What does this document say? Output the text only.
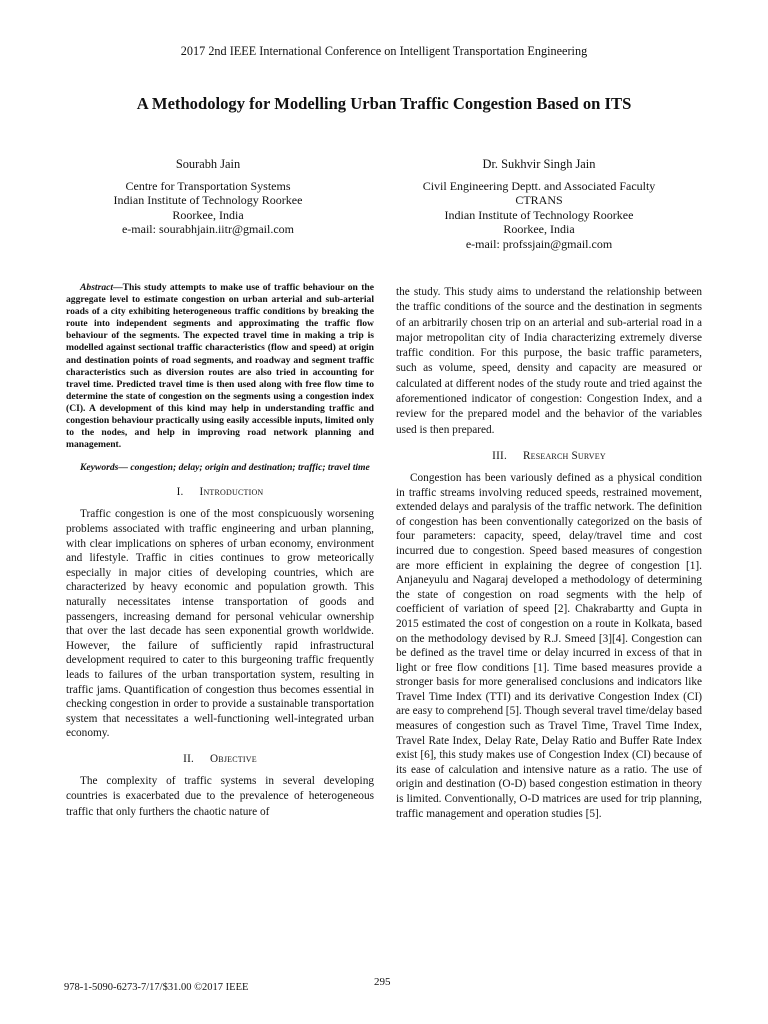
2017 2nd IEEE International Conference on Intelligent Transportation Engineering
A Methodology for Modelling Urban Traffic Congestion Based on ITS
Sourabh Jain
Centre for Transportation Systems
Indian Institute of Technology Roorkee
Roorkee, India
e-mail: sourabhjain.iitr@gmail.com
Dr. Sukhvir Singh Jain
Civil Engineering Deptt. and Associated Faculty
CTRANS
Indian Institute of Technology Roorkee
Roorkee, India
e-mail: profssjain@gmail.com

Abstract—This study attempts to make use of traffic behaviour on the aggregate level to estimate congestion on urban arterial and sub-arterial roads of a city exhibiting heterogeneous traffic conditions by breaking the route into independent segments and approximating the traffic flow behaviour of the segments. The expected travel time in making a trip is modelled against sectional traffic characteristics (flow and speed) at origin and destination points of road segments, and roadway and segment traffic characteristics such as diversion routes are also tried in accounting for travel time. Predicted travel time is then used along with free flow time to determine the state of congestion on the segments using a congestion index (CI). A development of this kind may help in understanding traffic and congestion behaviour practically using easily accessible inputs, limited only to the nodes, and help in improving road network planning and management.

Keywords— congestion; delay; origin and destination; traffic; travel time

I. Introduction

Traffic congestion is one of the most conspicuously worsening problems associated with traffic engineering and urban planning, with clear implications on spheres of urban economy, environment and lifestyle. Traffic in cities continues to grow meteorically especially in major cities of developing countries, which are characterized by heavy economic and population growth. This naturally necessitates intense transportation of goods and passengers, increasing demand for personal vehicular ownership that over the last decade has seen exponential growth worldwide. However, the failure of sufficiently rapid infrastructural development required to cater to this burgeoning traffic frequently leads to failures of the urban transportation system, resulting in traffic jams. Quantification of congestion thus becomes essential in checking congestion in order to provide a sustainable transportation system that necessitates a well-functioning well-integrated urban economy.

II. Objective

The complexity of traffic systems in several developing countries is exacerbated due to the prevalence of heterogeneous traffic that only furthers the chaotic nature of

the study. This study aims to understand the relationship between the traffic conditions of the source and the destination in segments of an arbitrarily chosen trip on an arterial and sub-arterial road in a major metropolitan city of India characterizing extremely diverse traffic condition. For this purpose, the basic traffic parameters, such as volume, speed, density and capacity are measured or calculated at different nodes of the study route and tried against the aforementioned indicator of congestion: Congestion Index, and a review for the prepared model and the behavior of the variables used is then prepared.

III. Research Survey

Congestion has been variously defined as a physical condition in traffic streams involving reduced speeds, restrained movement, extended delays and paralysis of the traffic network. The definition of congestion has been conventionally categorized on the basis of four parameters: capacity, speed, delay/travel time and cost incurred due to congestion. Speed based measures of congestion are more efficient in explaining the degree of congestion [1]. Anjaneyulu and Nagaraj developed a methodology of determining the state of congestion on road segments with the help of coefficient of variation of speed [2]. Chakrabartty and Gupta in 2015 estimated the cost of congestion on a route in Kolkata, based on the methodology devised by R.J. Smeed [3][4]. Congestion can be defined as the travel time or delay incurred in excess of that in light or free flow conditions [1]. Time based measures provide a stronger basis for more generalised conclusions and indicators like Travel Time Index (TTI) and its derivative Congestion Index (CI) are easy to comprehend [5]. Though several travel time/delay based measures of congestion such as Travel Time, Travel Time Index, Travel Rate Index, Delay Rate, Delay Ratio and Buffer Rate Index exist [6], this study makes use of Congestion Index (CI) because of its ease of calculation and intensive nature as a ratio. The use of origin and destination (O-D) based congestion estimation in theory is limited. Conventionally, O-D matrices are used for trip planning, traffic management and operation studies [5].

978-1-5090-6273-7/17/$31.00 ©2017 IEEE	295
